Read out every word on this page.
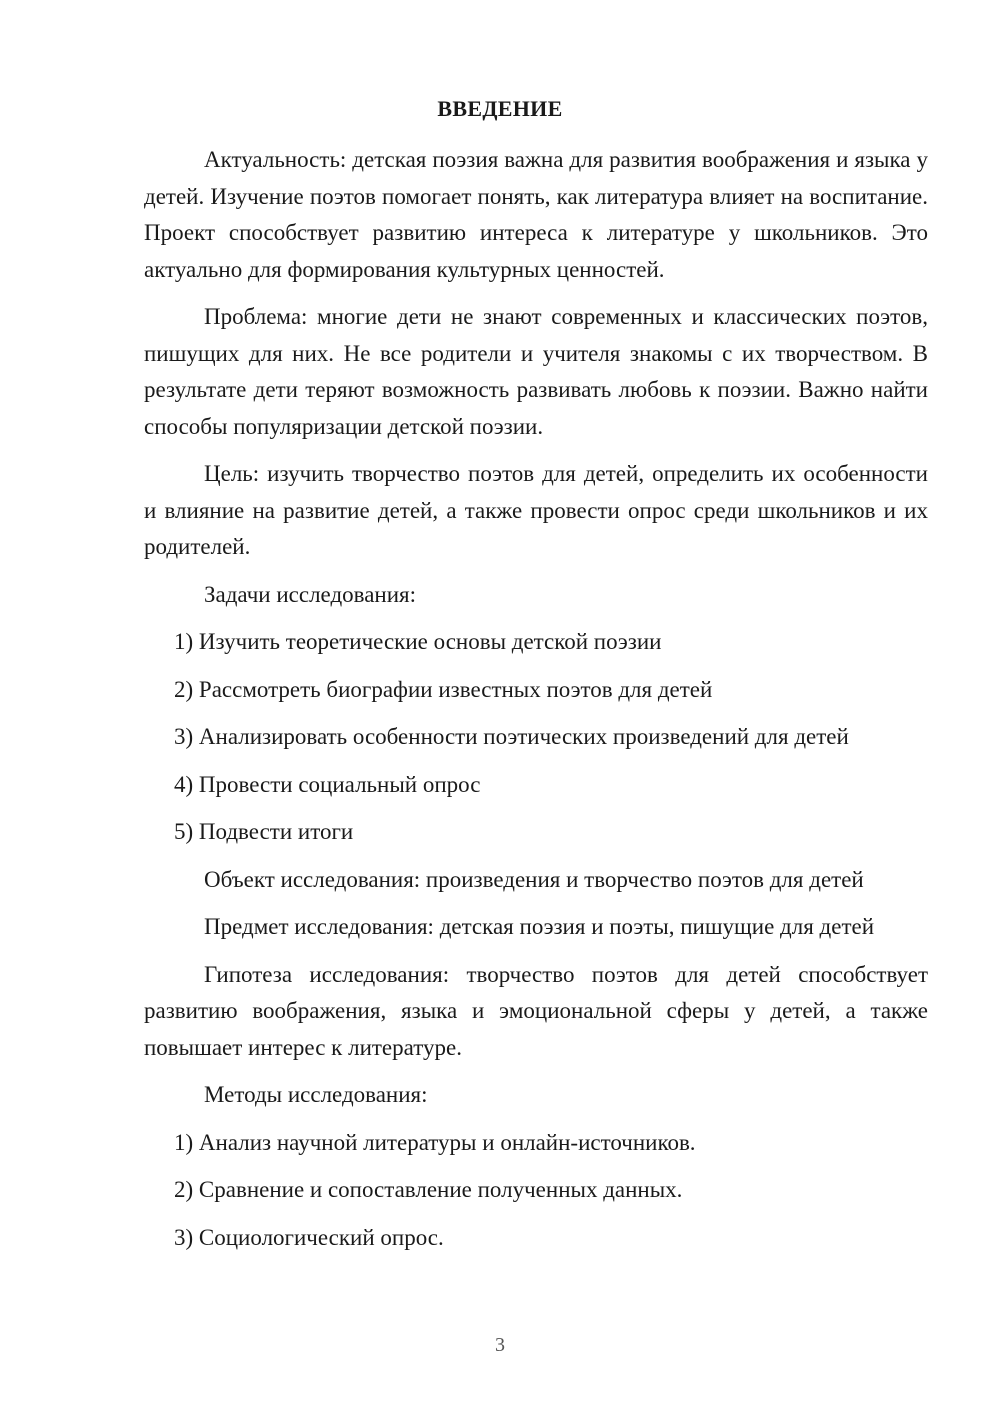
ВВЕДЕНИЕ

Актуальность: детская поэзия важна для развития воображения и языка у детей. Изучение поэтов помогает понять, как литература влияет на воспитание. Проект способствует развитию интереса к литературе у школьников. Это актуально для формирования культурных ценностей.

Проблема: многие дети не знают современных и классических поэтов, пишущих для них. Не все родители и учителя знакомы с их творчеством. В результате дети теряют возможность развивать любовь к поэзии. Важно найти способы популяризации детской поэзии.

Цель: изучить творчество поэтов для детей, определить их особенности и влияние на развитие детей, а также провести опрос среди школьников и их родителей.

Задачи исследования:

1) Изучить теоретические основы детской поэзии

2) Рассмотреть биографии известных поэтов для детей

3) Анализировать особенности поэтических произведений для детей

4) Провести социальный опрос

5) Подвести итоги

Объект исследования: произведения и творчество поэтов для детей

Предмет исследования: детская поэзия и поэты, пишущие для детей

Гипотеза исследования: творчество поэтов для детей способствует развитию воображения, языка и эмоциональной сферы у детей, а также повышает интерес к литературе.

Методы исследования:

1) Анализ научной литературы и онлайн-источников.

2) Сравнение и сопоставление полученных данных.

3) Социологический опрос.

3
